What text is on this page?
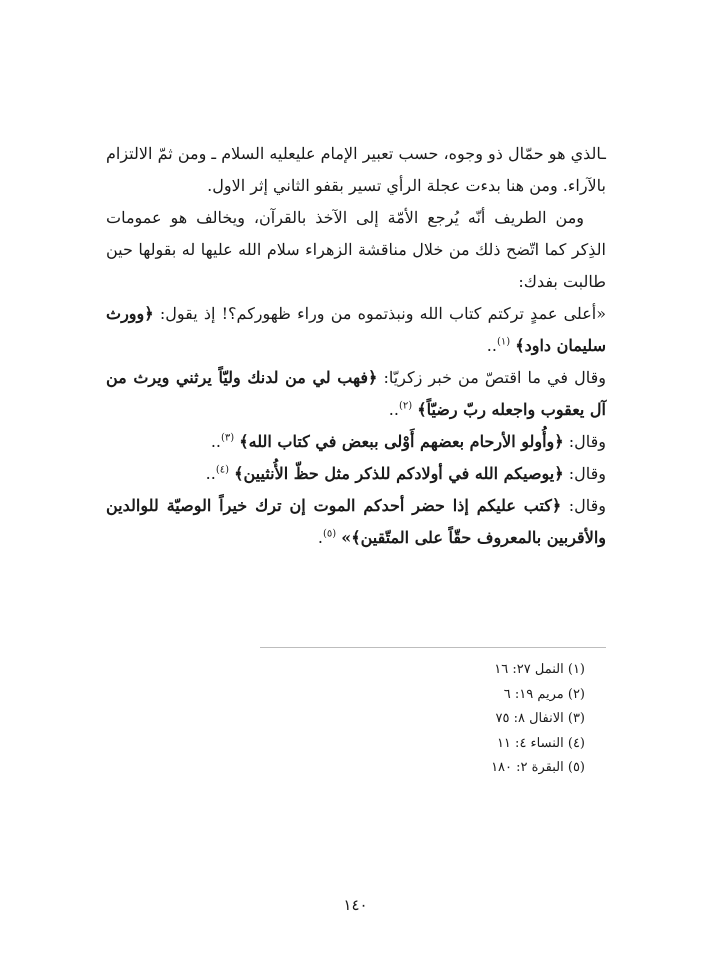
ـالذي هو حمّال ذو وجوه، حسب تعبير الإمام عليعليه السلام ـ ومن ثمّ الالتزام بالآراء. ومن هنا بدءت عجلة الرأي تسير بقفو الثاني إثر الاول.

ومن الطريف أنّه يُرجع الأمّة إلى الآخذ بالقرآن، ويخالف هو عمومات الذِكر كما اتّضح ذلك من خلال مناقشة الزهراء سلام الله عليها له بقولها حين طالبت بفدك:

«أعلى عمدٍ تركتم كتاب الله ونبذتموه من وراء ظهوركم؟! إذ يقول: ﴿وورث سليمان داود﴾ $^{(١)}$..

وقال في ما اقتصّ من خبر زكريّا: ﴿فهب لي من لدنك وليّاً يرثني ويرث من آل يعقوب واجعله ربّ رضيّاً﴾ $^{(٢)}$..

وقال: ﴿وأُولو الأرحام بعضهم أَوْلى ببعض في كتاب الله﴾ $^{(٣)}$..

وقال: ﴿يوصيكم الله في أولادكم للذكر مثل حظّ الأُنثيين﴾ $^{(٤)}$..

وقال: ﴿كتب عليكم إذا حضر أحدكم الموت إن ترك خيراً الوصيّة للوالدين والأقربين بالمعروف حقّاً على المتّقين﴾» $^{(٥)}$.

(١) النمل ٢٧: ١٦
(٢) مريم ١٩: ٦
(٣) الانفال ٨: ٧٥
(٤) النساء ٤: ١١
(٥) البقرة ٢: ١٨٠
١٤٠
